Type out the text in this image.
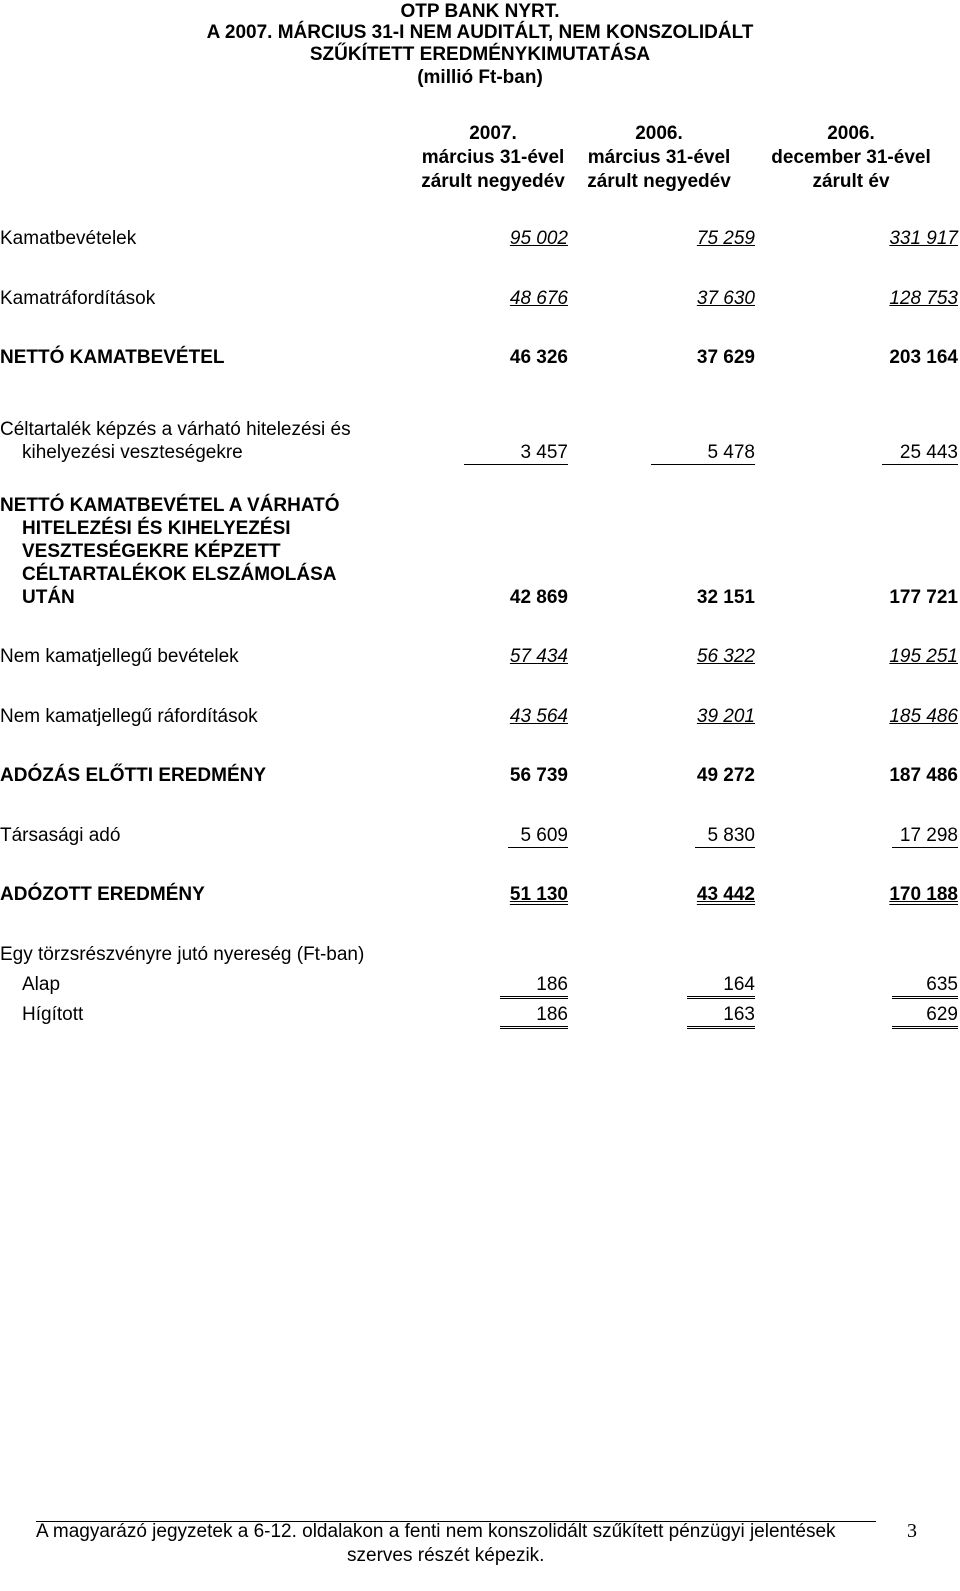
OTP BANK NYRT.
A 2007. MÁRCIUS 31-I NEM AUDITÁLT, NEM KONSZOLIDÁLT
SZŰKÍTETT EREDMÉNYKIMUTATÁSA
(millió Ft-ban)
2007.
március 31-ével
zárult negyedév
2006.
március 31-ével
zárult negyedév
2006.
december 31-ével
zárult év
Kamatbevételek	95 002	75 259	331 917
Kamatráfordítások	48 676	37 630	128 753
NETTÓ KAMATBEVÉTEL	46 326	37 629	203 164
Céltartalék képzés a várható hitelezési és
kihelyezési veszteségekre	3 457	5 478	25 443
NETTÓ KAMATBEVÉTEL A VÁRHATÓ
HITELEZÉSI ÉS KIHELYEZÉSI
VESZTESÉGEKRE KÉPZETT
CÉLTARTALÉKOK ELSZÁMOLÁSA
UTÁN	42 869	32 151	177 721
Nem kamatjellegű bevételek	57 434	56 322	195 251
Nem kamatjellegű ráfordítások	43 564	39 201	185 486
ADÓZÁS ELŐTTI EREDMÉNY	56 739	49 272	187 486
Társasági adó	5 609	5 830	17 298
ADÓZOTT EREDMÉNY	51 130	43 442	170 188
Egy törzsrészvényre jutó nyereség (Ft-ban)
Alap	186	164	635
Hígított	186	163	629
A magyarázó jegyzetek a 6-12. oldalakon a fenti nem konszolidált szűkített pénzügyi jelentések
szerves részét képezik.
3
